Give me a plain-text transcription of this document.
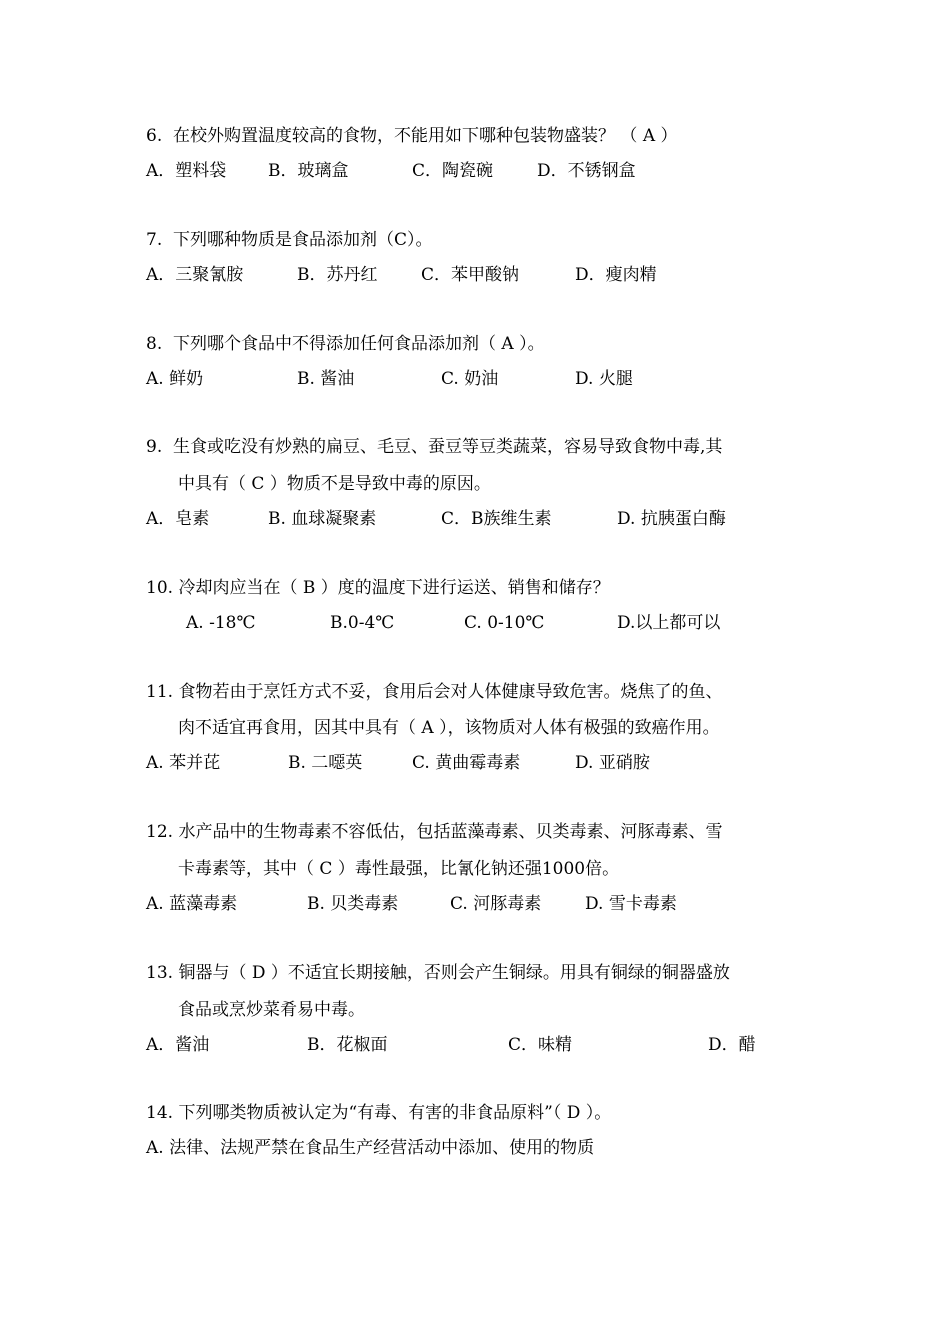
6.  在校外购置温度较高的食物，不能用如下哪种包装物盛装？ （ A ）
A．塑料袋 B．玻璃盒	C．陶瓷碗	D．不锈钢盒
7.  下列哪种物质是食品添加剂（C）。
A．三聚氰胺	B．苏丹红	C．苯甲酸钠	D．瘦肉精
8.  下列哪个食品中不得添加任何食品添加剂（ A ）。
A. 鲜奶	B. 酱油	C. 奶油	D. 火腿
9.  生食或吃没有炒熟的扁豆、毛豆、蚕豆等豆类蔬菜，容易导致食物中毒,其
中具有（ C ）物质不是导致中毒的原因。
A．皂素	B. 血球凝聚素	C．B族维生素	D. 抗胰蛋白酶
10. 冷却肉应当在（ B ）度的温度下进行运送、销售和储存？
A. -18℃	B.0-4℃	C. 0-10℃	D.以上都可以
11. 食物若由于烹饪方式不妥，食用后会对人体健康导致危害。烧焦了的鱼、
肉不适宜再食用，因其中具有（ A ），该物质对人体有极强的致癌作用。
A. 苯并芘	B. 二噁英	C. 黄曲霉毒素	D. 亚硝胺
12. 水产品中的生物毒素不容低估，包括蓝藻毒素、贝类毒素、河豚毒素、雪
卡毒素等，其中（ C ）毒性最强，比氰化钠还强1000倍。
A. 蓝藻毒素	B. 贝类毒素	C. 河豚毒素	D. 雪卡毒素
13. 铜器与（ D ）不适宜长期接触，否则会产生铜绿。用具有铜绿的铜器盛放
食品或烹炒菜肴易中毒。
A．酱油	B．花椒面	C．味精	D．醋
14. 下列哪类物质被认定为“有毒、有害的非食品原料”（ D ）。
A. 法律、法规严禁在食品生产经营活动中添加、使用的物质
